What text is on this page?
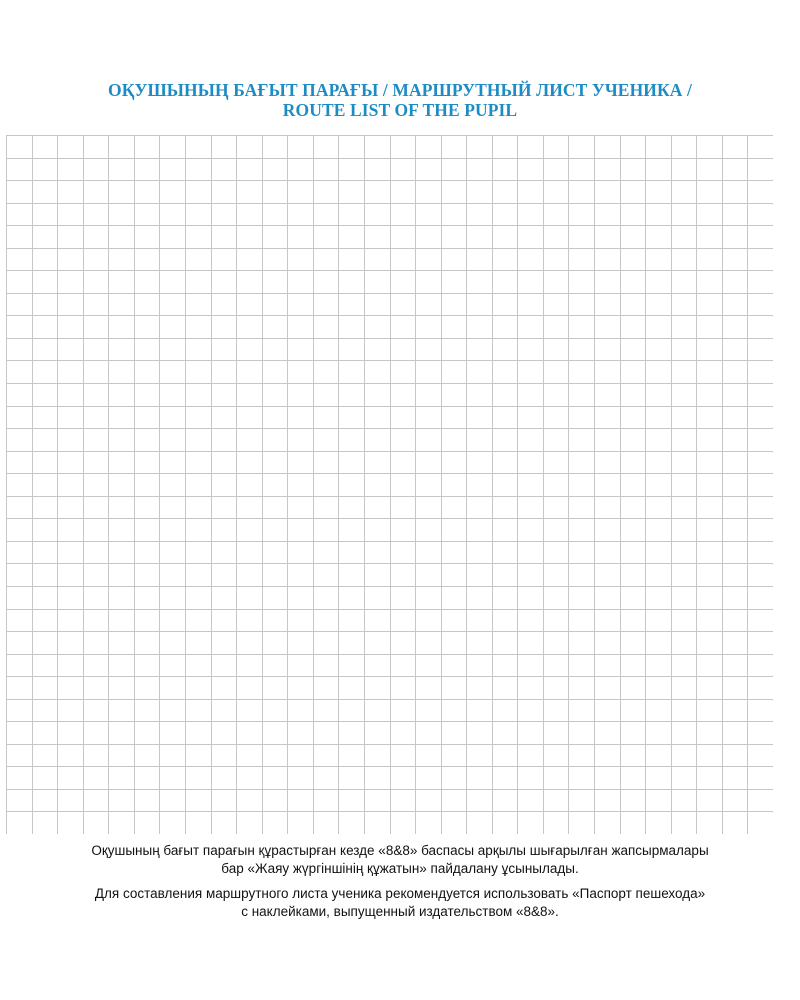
ОҚУШЫНЫҢ БАҒЫТ ПАРАҒЫ / МАРШРУТНЫЙ ЛИСТ УЧЕНИКА /
ROUTE LIST OF THE PUPIL
Оқушының бағыт парағын құрастырған кезде «8&8» баспасы арқылы шығарылған жапсырмалары
бар «Жаяу жүргіншінің құжатын» пайдалану ұсынылады.
Для составления маршрутного листа ученика рекомендуется использовать «Паспорт пешехода»
с наклейками, выпущенный издательством «8&8».
